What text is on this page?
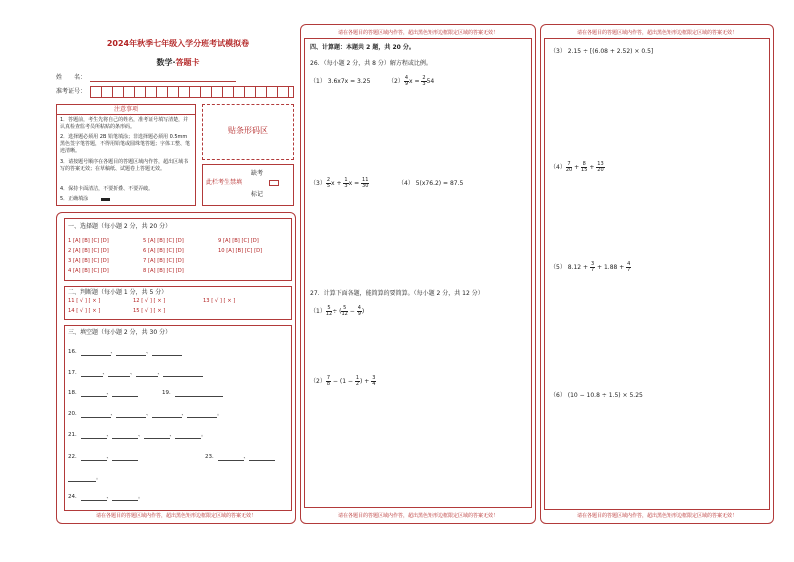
2024年秋季七年级入学分班考试模拟卷
数学·答题卡
姓　　名：
准考证号：
注意事项
1．答题前，考生先将自己的姓名，准考证号填写清楚，并认真检查监考员所粘贴的条形码。
2．选择题必须用 2B 铅笔填涂；非选择题必须用 0.5mm 黑色签字笔答题，不得用铅笔或圆珠笔答题；字体工整、笔迹清晰。
3．请按题号顺序在各题目的答题区域内作答，超出区域书写的答案无效；在草稿纸、试题卷上答题无效。
4．保持卡面清洁，不要折叠、不要弄破。
5．正确填涂
贴条形码区
缺考
此栏考生禁填
标记
一、选择题（每小题 2 分，共 20 分）
1 [A] [B] [C] [D]	5 [A] [B] [C] [D]	9 [A] [B] [C] [D]
2 [A] [B] [C] [D]	6 [A] [B] [C] [D]	10 [A] [B] [C] [D]
3 [A] [B] [C] [D]	7 [A] [B] [C] [D]
4 [A] [B] [C] [D]	8 [A] [B] [C] [D]
二、判断题（每小题 1 分，共 5 分）
11 [ √ ] [ × ]	12 [ √ ] [ × ]	13 [ √ ] [ × ]
14 [ √ ] [ × ]	15 [ √ ] [ × ]
三、填空题（每小题 2 分，共 30 分）
16．	、	、
17．	、	、	、
18．	、	19．
20．	、	、	、	。
21．	、	、	、	。
22．	、	23．	、
。
24．	、	。
请在各题目的答题区域内作答，超出黑色矩形边框限定区域的答案无效！
请在各题目的答题区域内作答，超出黑色矩形边框限定区域的答案无效！
四、计算题：本题共 2 题，共 20 分。
26．（每小题 2 分，共 8 分）解方程或比例。
（1） 3.6x7x = 3.25	$(2) \frac{4}{9}$ $x = \frac{2}{3} 54$
$(3) \frac{2}{5}$ $x + \frac{1}{3}$ $x = \frac{11}{30}$	（4） 5(x76.2) = 87.5
27．计算下面各题，能简算的要简算。（每小题 2 分，共 12 分）
$(1) \frac{5}{12}$ ÷ ( $\frac{5}{12} - \frac{4}{9}$ )
$(2) \frac{7}{8} - (1 - \frac{1}{2}$ ) + $\frac{3}{4}$
请在各题目的答题区域内作答，超出黑色矩形边框限定区域的答案无效！
请在各题目的答题区域内作答，超出黑色矩形边框限定区域的答案无效！
（3） 2.15 ÷ [(6.08 + 2.52) × 0.5]
$(4) \frac{7}{20} + \frac{8}{15} + \frac{13}{20}$
（5） $8.12 + \frac{3}{7} + 1.88 + \frac{4}{7}$
（6） (10 − 10.8 ÷ 1.5) × 5.25
请在各题目的答题区域内作答，超出黑色矩形边框限定区域的答案无效！
